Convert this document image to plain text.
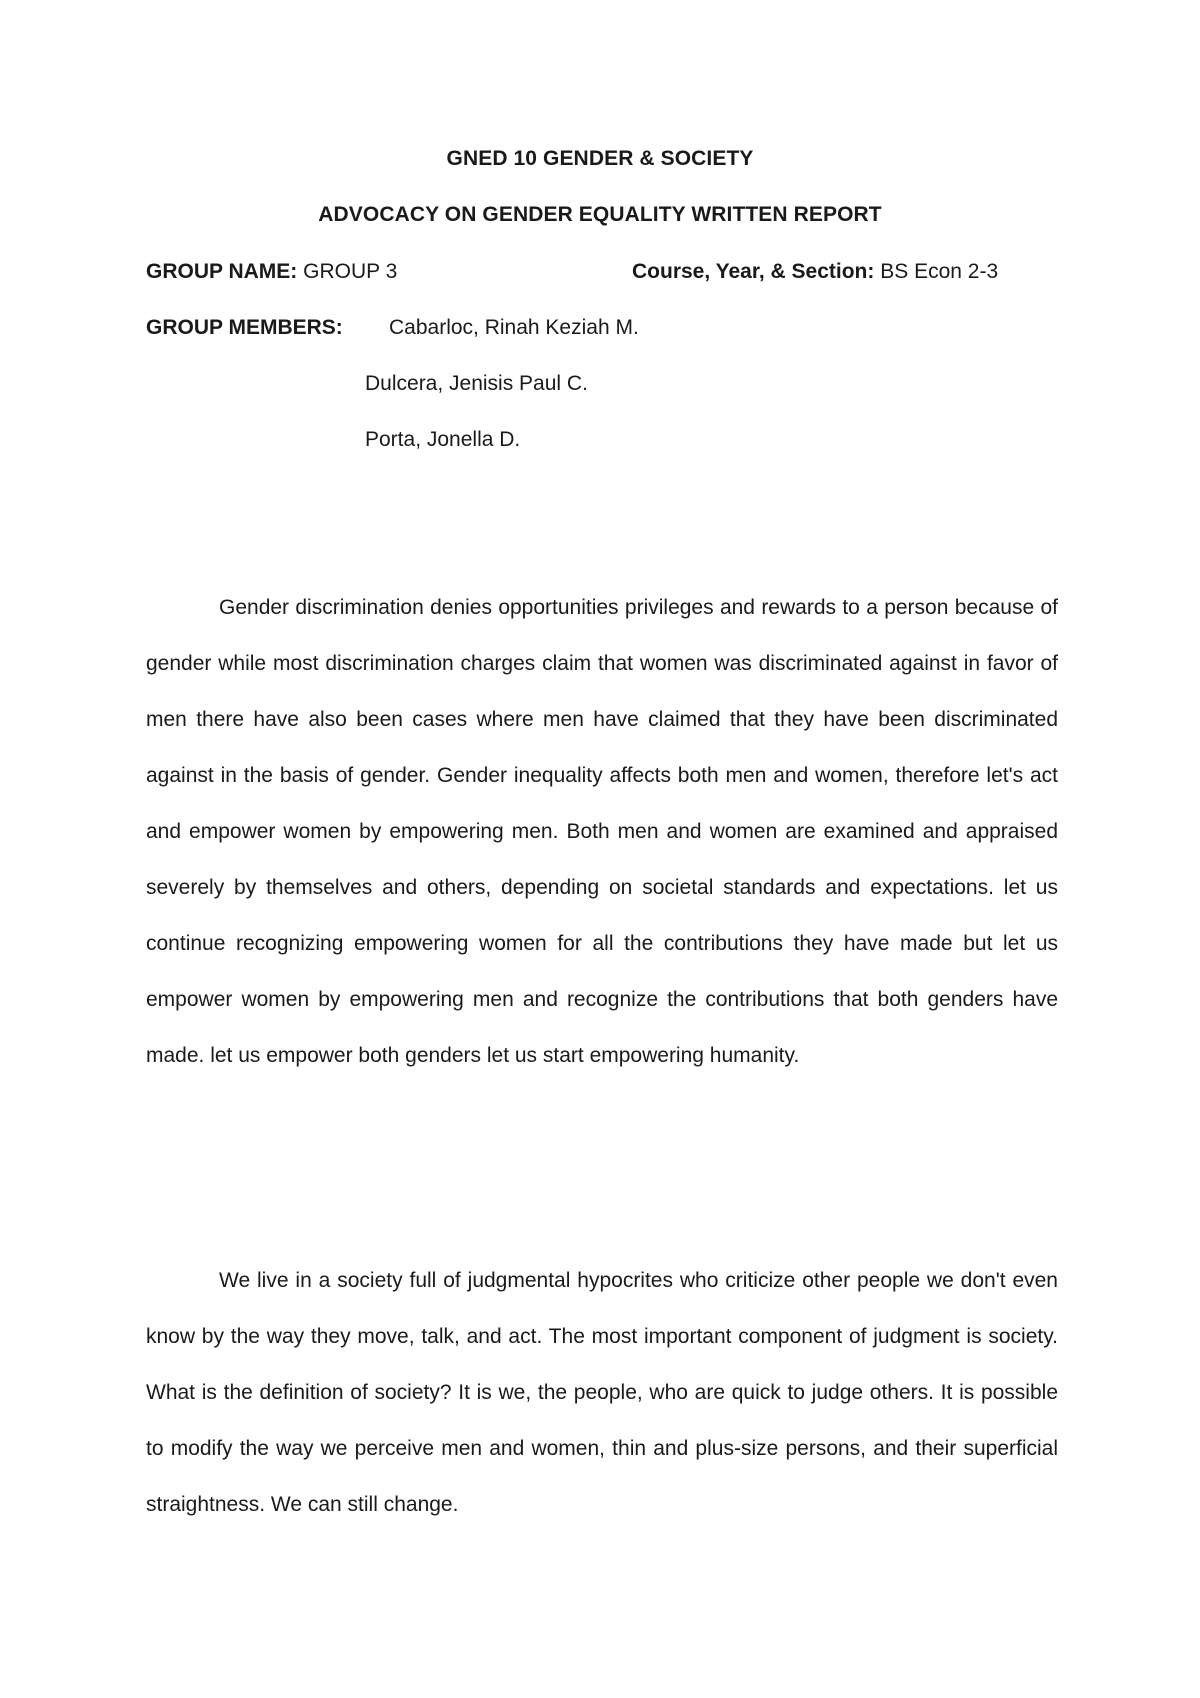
GNED 10 GENDER & SOCIETY
ADVOCACY ON GENDER EQUALITY WRITTEN REPORT
GROUP NAME: GROUP 3	Course, Year, & Section: BS Econ 2-3
GROUP MEMBERS: Cabarloc, Rinah Keziah M.
Dulcera, Jenisis Paul C.
Porta, Jonella D.

Gender discrimination denies opportunities privileges and rewards to a person because of gender while most discrimination charges claim that women was discriminated against in favor of men there have also been cases where men have claimed that they have been discriminated against in the basis of gender. Gender inequality affects both men and women, therefore let's act and empower women by empowering men. Both men and women are examined and appraised severely by themselves and others, depending on societal standards and expectations. let us continue recognizing empowering women for all the contributions they have made but let us empower women by empowering men and recognize the contributions that both genders have made. let us empower both genders let us start empowering humanity.

We live in a society full of judgmental hypocrites who criticize other people we don't even know by the way they move, talk, and act. The most important component of judgment is society. What is the definition of society? It is we, the people, who are quick to judge others. It is possible to modify the way we perceive men and women, thin and plus-size persons, and their superficial straightness. We can still change.
